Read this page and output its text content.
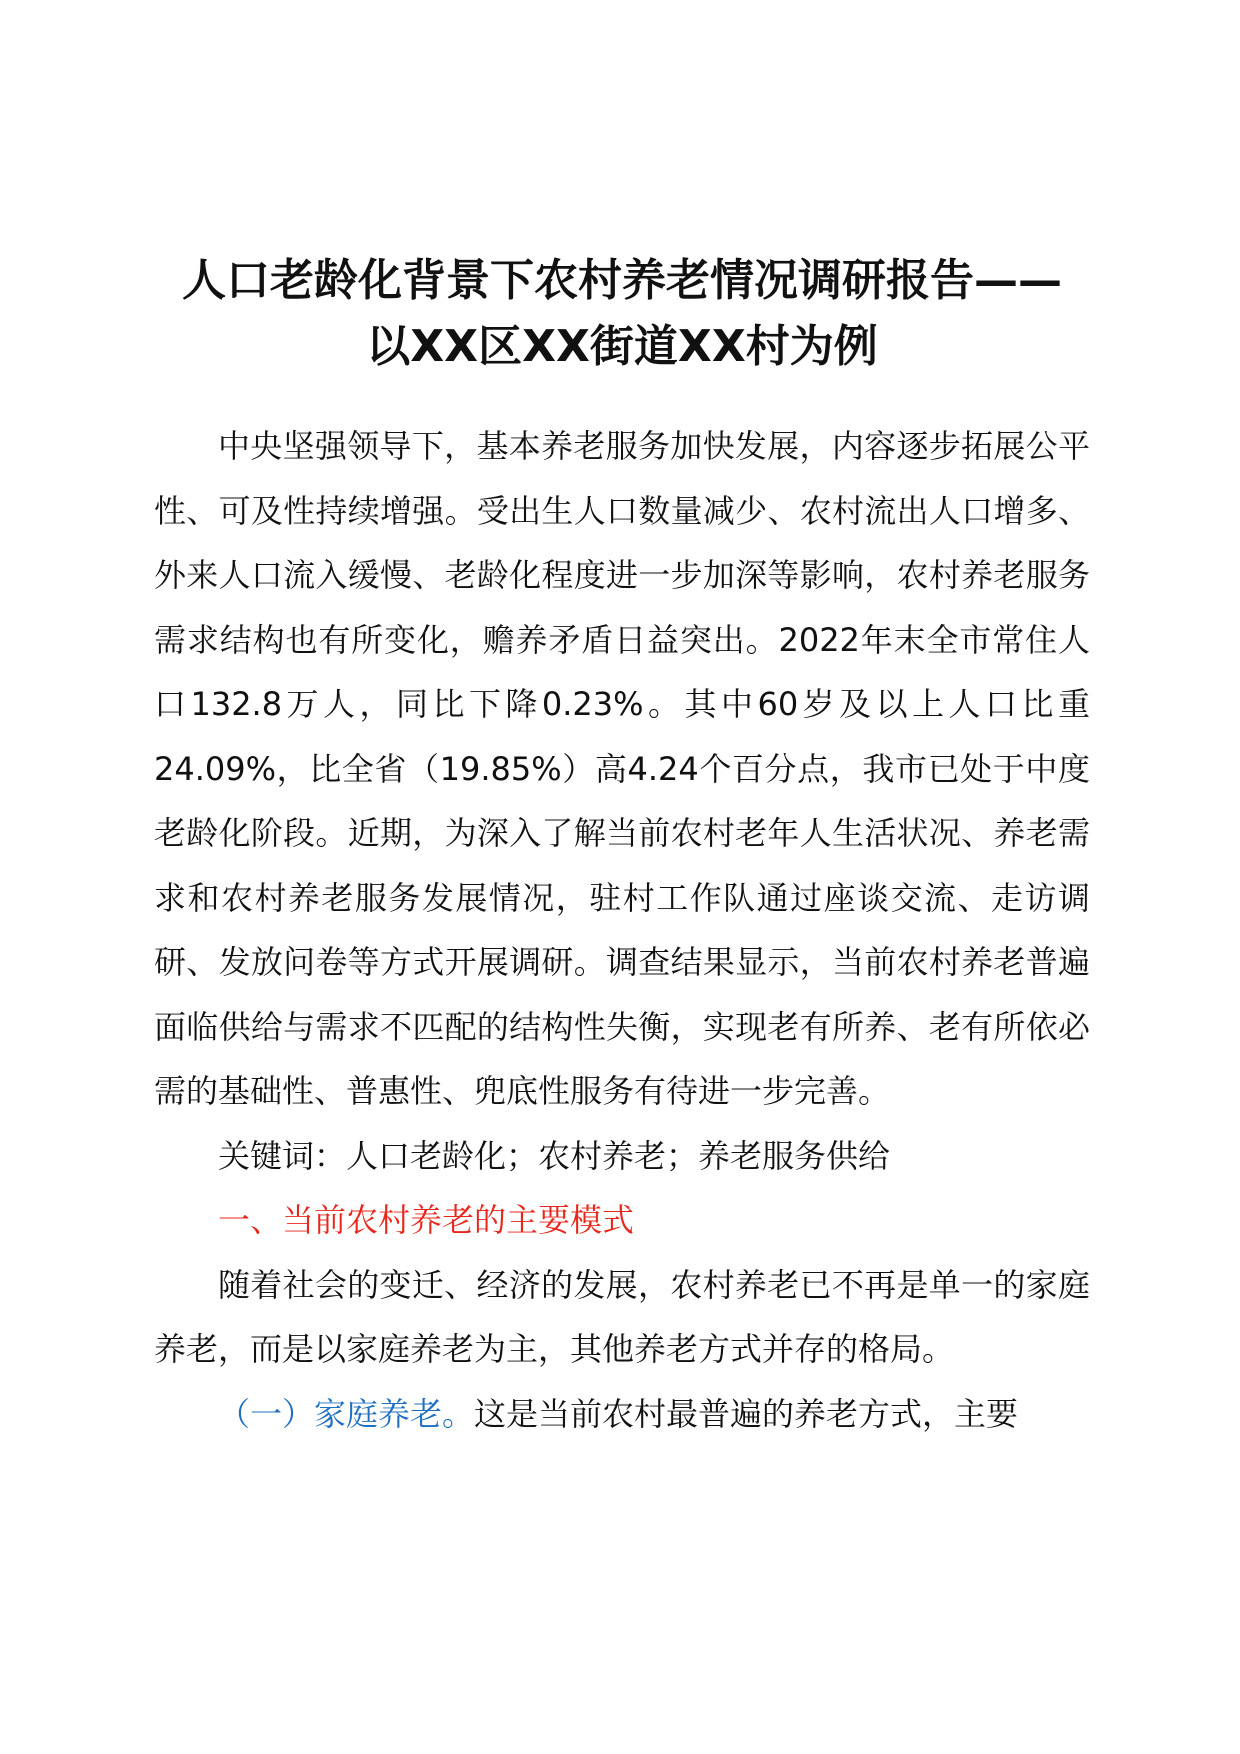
人口老龄化背景下农村养老情况调研报告——
以XX区XX街道XX村为例

中央坚强领导下，基本养老服务加快发展，内容逐步拓展公平性、可及性持续增强。受出生人口数量减少、农村流出人口增多、外来人口流入缓慢、老龄化程度进一步加深等影响，农村养老服务需求结构也有所变化，赡养矛盾日益突出。2022年末全市常住人口132.8万人，同比下降0.23%。其中60岁及以上人口比重24.09%，比全省（19.85%）高4.24个百分点，我市已处于中度老龄化阶段。近期，为深入了解当前农村老年人生活状况、养老需求和农村养老服务发展情况，驻村工作队通过座谈交流、走访调研、发放问卷等方式开展调研。调查结果显示，当前农村养老普遍面临供给与需求不匹配的结构性失衡，实现老有所养、老有所依必需的基础性、普惠性、兜底性服务有待进一步完善。

关键词：人口老龄化；农村养老；养老服务供给

一、当前农村养老的主要模式

随着社会的变迁、经济的发展，农村养老已不再是单一的家庭养老，而是以家庭养老为主，其他养老方式并存的格局。

（一）家庭养老。这是当前农村最普遍的养老方式，主要
